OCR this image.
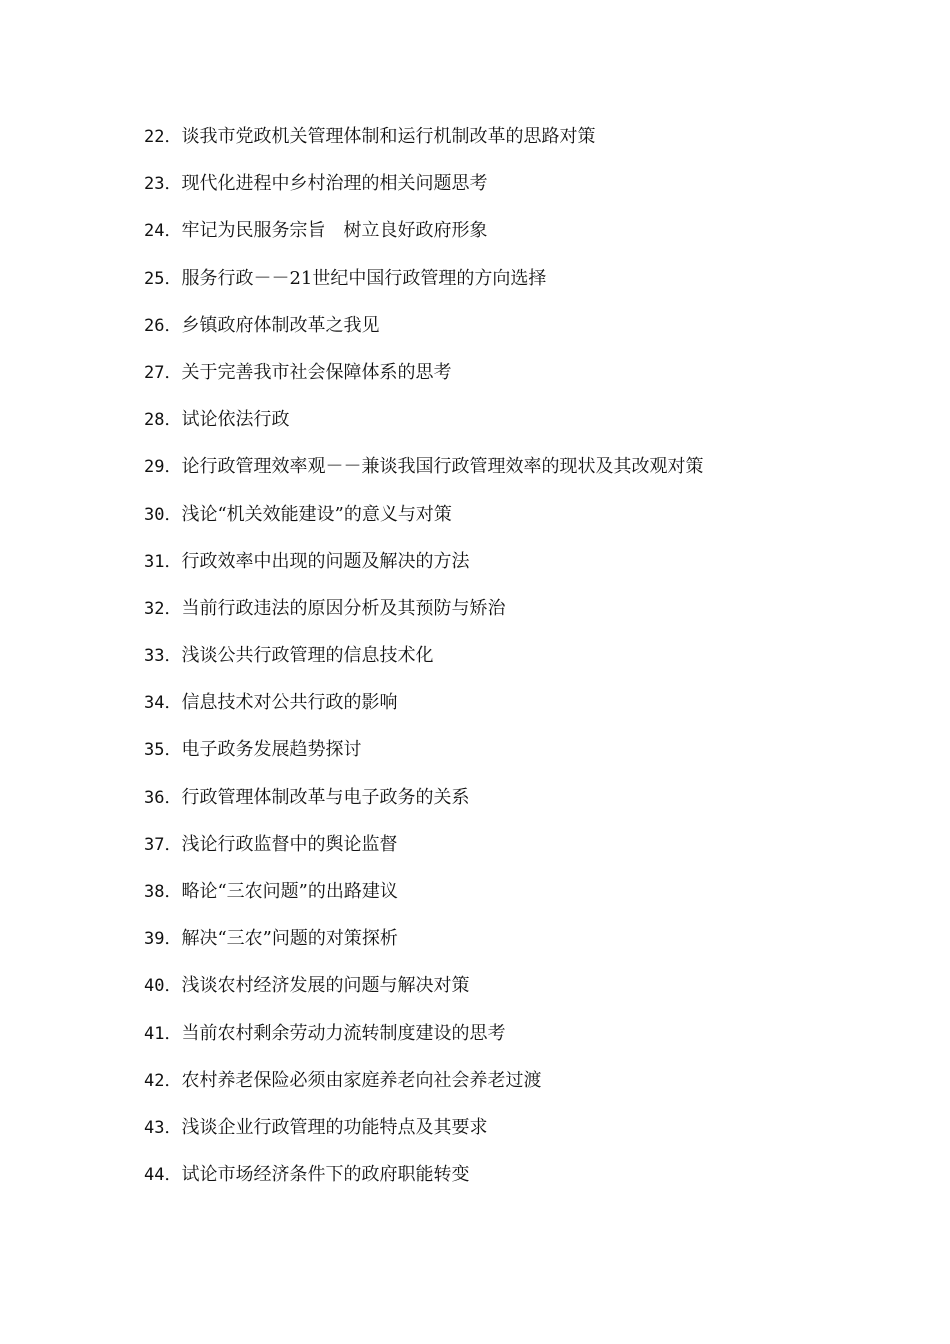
22．谈我市党政机关管理体制和运行机制改革的思路对策
23．现代化进程中乡村治理的相关问题思考
24．牢记为民服务宗旨　树立良好政府形象
25．服务行政－－21世纪中国行政管理的方向选择
26．乡镇政府体制改革之我见
27．关于完善我市社会保障体系的思考
28．试论依法行政
29．论行政管理效率观－－兼谈我国行政管理效率的现状及其改观对策
30．浅论“机关效能建设”的意义与对策
31．行政效率中出现的问题及解决的方法
32．当前行政违法的原因分析及其预防与矫治
33．浅谈公共行政管理的信息技术化
34．信息技术对公共行政的影响
35．电子政务发展趋势探讨
36．行政管理体制改革与电子政务的关系
37．浅论行政监督中的舆论监督
38．略论“三农问题”的出路建议
39．解决“三农”问题的对策探析
40．浅谈农村经济发展的问题与解决对策
41．当前农村剩余劳动力流转制度建设的思考
42．农村养老保险必须由家庭养老向社会养老过渡
43．浅谈企业行政管理的功能特点及其要求
44．试论市场经济条件下的政府职能转变
